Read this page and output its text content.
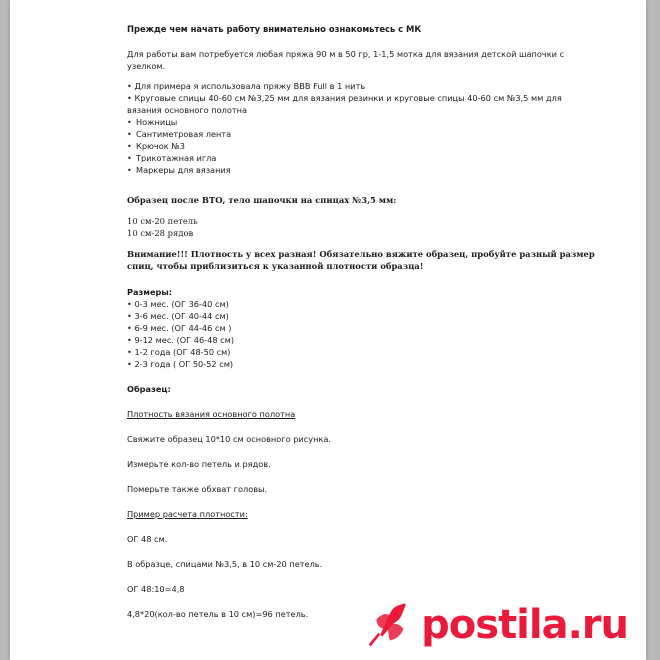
Прежде чем начать работу внимательно ознакомьтесь с МК

Для работы вам потребуется любая пряжа 90 м в 50 гр, 1-1,5 мотка для вязания детской шапочки с узелком.

• Для примера я использовала пряжу ВВВ Full в 1 нить

• Круговые спицы 40-60 см №3,25 мм для вязания резинки и круговые спицы 40-60 см №3,5 мм для вязания основного полотна

• Ножницы
• Сантиметровая лента
• Крючок №3
• Трикотажная игла
• Маркеры для вязания

Образец после ВТО, тело шапочки на спицах №3,5 мм:

10 см-20 петель

10 см-28 рядов

Внимание!!! Плотность у всех разная! Обязательно вяжите образец, пробуйте разный размер спиц, чтобы приблизиться к указанной плотности образца!

Размеры:

• 0-3 мес. (ОГ 36-40 см)

• 3-6 мес. (ОГ 40-44 см)

• 6-9 мес. (ОГ 44-46 см )

• 9-12 мес. (ОГ 46-48 см)

• 1-2 года (ОГ 48-50 см)

• 2-3 года ( ОГ 50-52 см)

Образец:

Плотность вязания основного полотна

Свяжите образец 10*10 см основного рисунка.

Измерьте кол-во петель и рядов.

Померьте также обхват головы.

Пример расчета плотности:

ОГ 48 см.

В образце, спицами №3,5, в 10 см-20 петель.

ОГ 48:10=4,8

4,8*20(кол-во петель в 10 см)=96 петель.	postila.ru
